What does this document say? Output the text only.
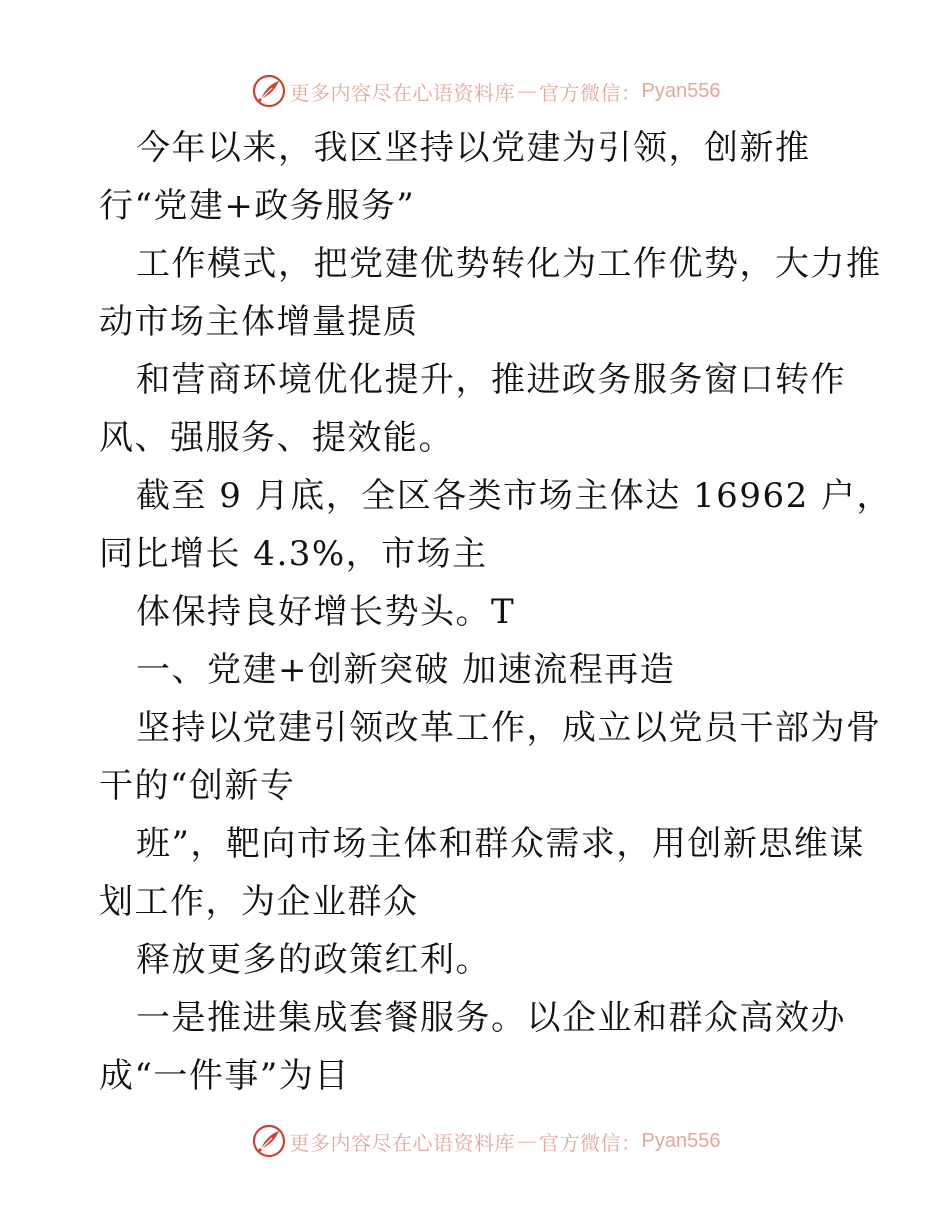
更多内容尽在心语资料库 — 官方微信： Pyan556
今年以来，我区坚持以党建为引领，创新推
行“党建+政务服务”
工作模式，把党建优势转化为工作优势，大力推
动市场主体增量提质
和营商环境优化提升，推进政务服务窗口转作
风、强服务、提效能。
截至 9 月底，全区各类市场主体达 16962 户，
同比增长 4.3%，市场主
体保持良好增长势头。T
一、党建+创新突破 加速流程再造
坚持以党建引领改革工作，成立以党员干部为骨
干的“创新专
班”，靶向市场主体和群众需求，用创新思维谋
划工作，为企业群众
释放更多的政策红利。
一是推进集成套餐服务。以企业和群众高效办
成“一件事”为目
更多内容尽在心语资料库 — 官方微信： Pyan556
